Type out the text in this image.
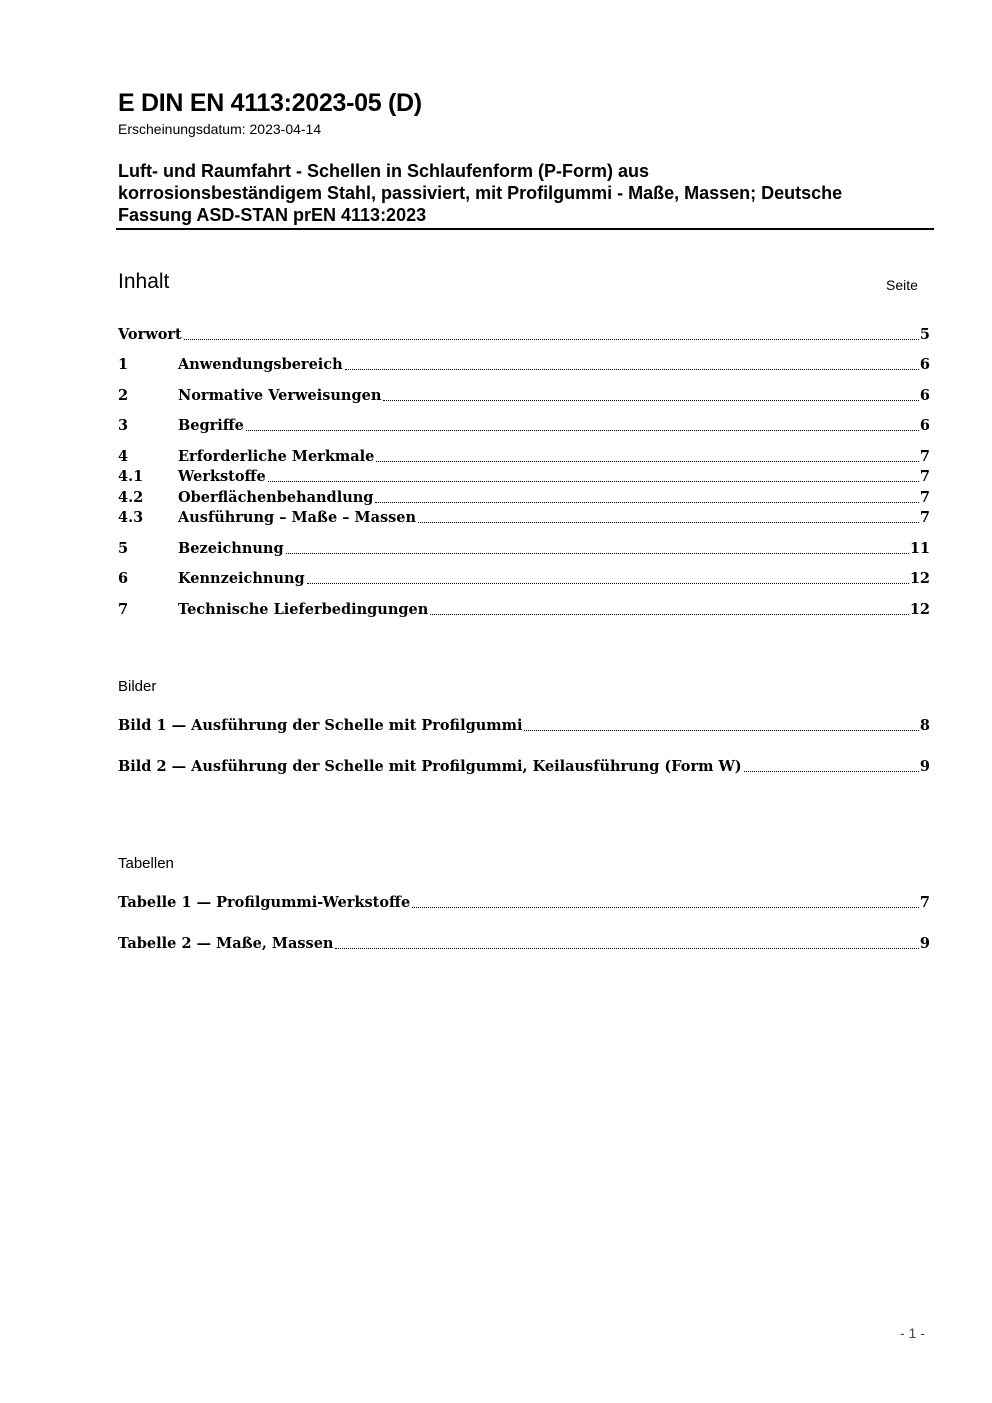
E DIN EN 4113:2023-05 (D)
Erscheinungsdatum: 2023-04-14
Luft- und Raumfahrt - Schellen in Schlaufenform (P-Form) aus
korrosionsbeständigem Stahl, passiviert, mit Profilgummi - Maße, Massen; Deutsche
Fassung ASD-STAN prEN 4113:2023
Inhalt	Seite
Vorwort	5
1	Anwendungsbereich	6
2	Normative Verweisungen	6
3	Begriffe	6
4	Erforderliche Merkmale	7
4.1	Werkstoffe	7
4.2	Oberflächenbehandlung	7
4.3	Ausführung – Maße – Massen	7
5	Bezeichnung	11
6	Kennzeichnung	12
7	Technische Lieferbedingungen	12
Bilder
Bild 1 — Ausführung der Schelle mit Profilgummi	8
Bild 2 — Ausführung der Schelle mit Profilgummi, Keilausführung (Form W)	9
Tabellen
Tabelle 1 — Profilgummi-Werkstoffe	7
Tabelle 2 — Maße, Massen	9
- 1 -
